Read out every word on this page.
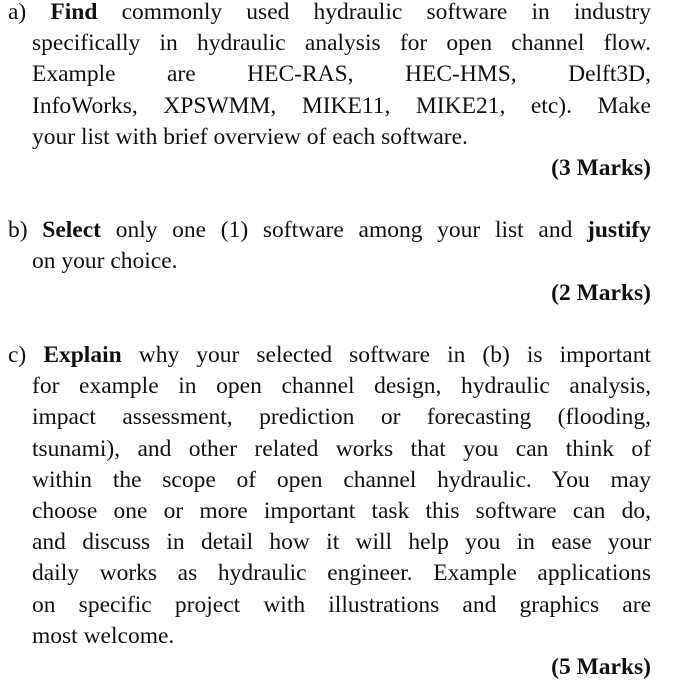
a) Find commonly used hydraulic software in industry
specifically in hydraulic analysis for open channel flow.
Example are HEC-RAS, HEC-HMS, Delft3D,
InfoWorks, XPSWMM, MIKE11, MIKE21, etc). Make
your list with brief overview of each software.
(3 Marks)
b) Select only one (1) software among your list and justify
on your choice.
(2 Marks)
c) Explain why your selected software in (b) is important
for example in open channel design, hydraulic analysis,
impact assessment, prediction or forecasting (flooding,
tsunami), and other related works that you can think of
within the scope of open channel hydraulic. You may
choose one or more important task this software can do,
and discuss in detail how it will help you in ease your
daily works as hydraulic engineer. Example applications
on specific project with illustrations and graphics are
most welcome.
(5 Marks)
